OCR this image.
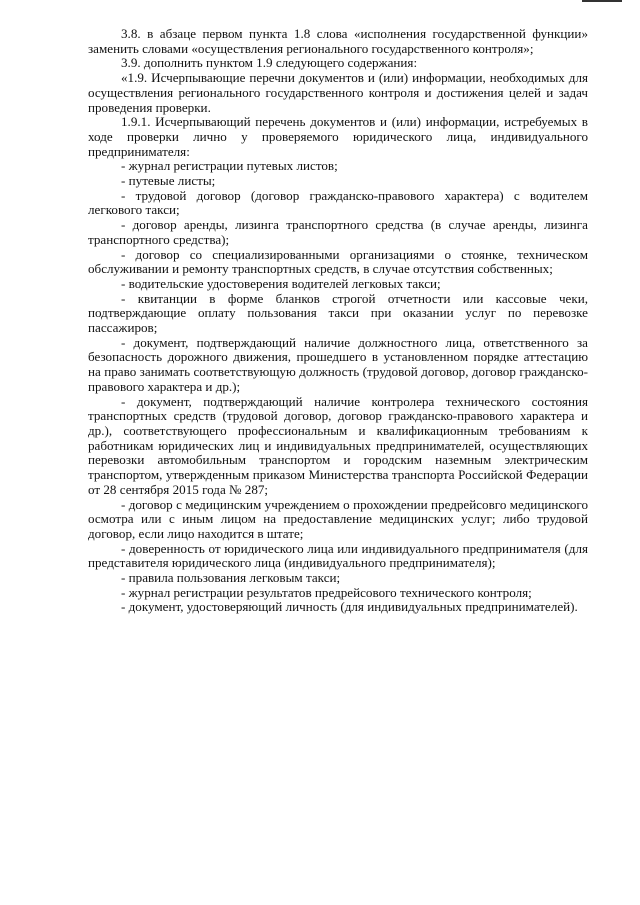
3.8. в абзаце первом пункта 1.8 слова «исполнения государственной функции» заменить словами «осуществления регионального государственного контроля»;

3.9. дополнить пунктом 1.9 следующего содержания:

«1.9. Исчерпывающие перечни документов и (или) информации, необходимых для осуществления регионального государственного контроля и достижения целей и задач проведения проверки.

1.9.1. Исчерпывающий перечень документов и (или) информации, истребуемых в ходе проверки лично у проверяемого юридического лица, индивидуального предпринимателя:

- журнал регистрации путевых листов;

- путевые листы;

- трудовой договор (договор гражданско-правового характера) с водителем легкового такси;

- договор аренды, лизинга транспортного средства (в случае аренды, лизинга транспортного средства);

- договор со специализированными организациями о стоянке, техническом обслуживании и ремонту транспортных средств, в случае отсутствия собственных;

- водительские удостоверения водителей легковых такси;

- квитанции в форме бланков строгой отчетности или кассовые чеки, подтверждающие оплату пользования такси при оказании услуг по перевозке пассажиров;

- документ, подтверждающий наличие должностного лица, ответственного за безопасность дорожного движения, прошедшего в установленном порядке аттестацию на право занимать соответствующую должность (трудовой договор, договор гражданско-правового характера и др.);

- документ, подтверждающий наличие контролера технического состояния транспортных средств (трудовой договор, договор гражданско-правового характера и др.), соответствующего профессиональным и квалификационным требованиям к работникам юридических лиц и индивидуальных предпринимателей, осуществляющих перевозки автомобильным транспортом и городским наземным электрическим транспортом, утвержденным приказом Министерства транспорта Российской Федерации от 28 сентября 2015 года № 287;

- договор с медицинским учреждением о прохождении предрейсовго медицинского осмотра или с иным лицом на предоставление медицинских услуг; либо трудовой договор, если лицо находится в штате;

- доверенность от юридического лица или индивидуального предпринимателя (для представителя юридического лица (индивидуального предпринимателя);

- правила пользования легковым такси;

- журнал регистрации результатов предрейсового технического контроля;

- документ, удостоверяющий личность (для индивидуальных предпринимателей).
